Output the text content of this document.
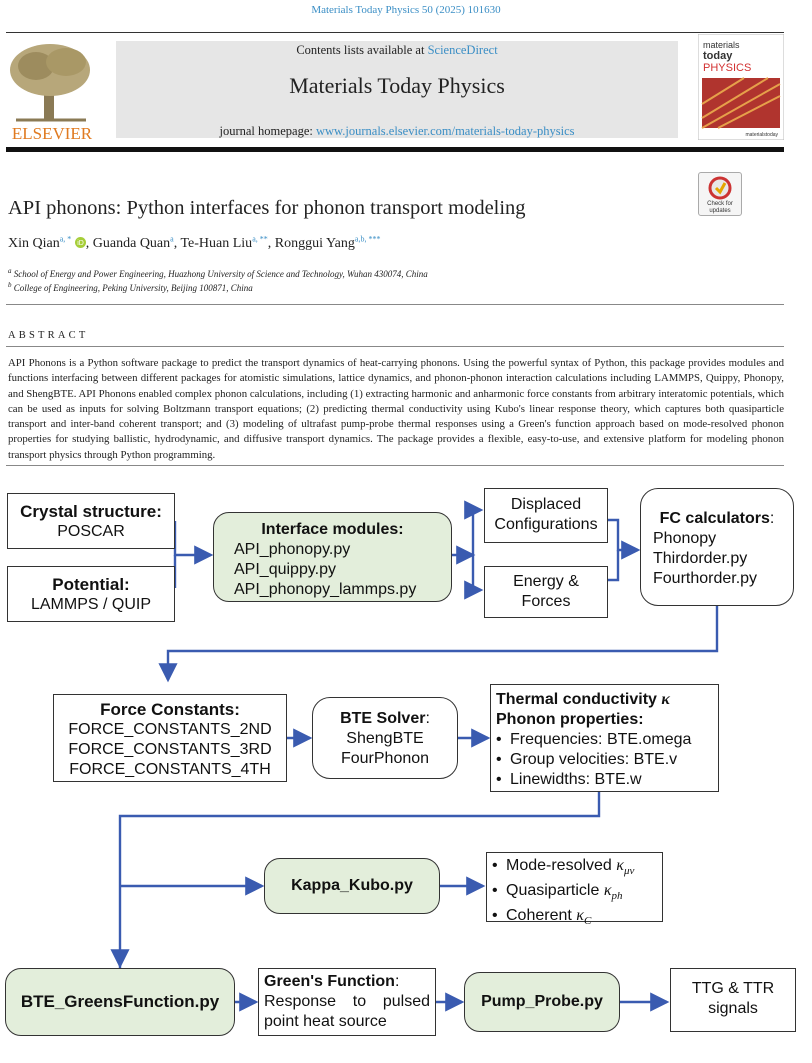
Materials Today Physics 50 (2025) 101630
ELSEVIER
Contents lists available at ScienceDirect
Materials Today Physics
journal homepage: www.journals.elsevier.com/materials-today-physics
materials
today
PHYSICS
materialstoday
Check for
updates
API phonons: Python interfaces for phonon transport modeling
Xin Qian$^{a, *}$
iD , Guanda Quan$^a$, Te-Huan Liu$^{a, **}$, Ronggui Yang$^{a,b, ***}$
$^a$ School of Energy and Power Engineering, Huazhong University of Science and Technology, Wuhan 430074, China
$^b$ College of Engineering, Peking University, Beijing 100871, China
ABSTRACT
API Phonons is a Python software package to predict the transport dynamics of heat-carrying phonons. Using the powerful syntax of Python, this package provides modules and functions interfacing between different packages for atomistic simulations, lattice dynamics, and phonon-phonon interaction calculations including LAMMPS, Quippy, Phonopy, and ShengBTE. API Phonons enabled complex phonon calculations, including (1) extracting harmonic and anharmonic force constants from arbitrary interatomic potentials, which can be used as inputs for solving Boltzmann transport equations; (2) predicting thermal conductivity using Kubo's linear response theory, which captures both quasiparticle transport and inter-band coherent transport; and (3) modeling of ultrafast pump-probe thermal responses using a Green's function approach based on mode-resolved phonon properties for studying ballistic, hydrodynamic, and diffusive transport dynamics. The package provides a flexible, easy-to-use, and extensive platform for modeling phonon transport physics through Python programming.
Crystal structure:
POSCAR
Potential:
LAMMPS / QUIP
Interface modules:
API_phonopy.py
API_quippy.py
API_phonopy_lammps.py
Displaced
Configurations
Energy &
Forces
FC calculators:
Phonopy
Thirdorder.py
Fourthorder.py
Force Constants:
FORCE_CONSTANTS_2ND
FORCE_CONSTANTS_3RD
FORCE_CONSTANTS_4TH
BTE Solver:
ShengBTE
FourPhonon
Thermal conductivity κ
Phonon properties:
• Frequencies: BTE.omega
• Group velocities: BTE.v
• Linewidths: BTE.w
Kappa_Kubo.py
• Mode-resolved $\kappa_{\mu\nu}$
• Quasiparticle $\kappa_{ph}$
• Coherent $\kappa_C$
BTE_GreensFunction.py
Green's Function:
Response to pulsed
point heat source
Pump_Probe.py
TTG & TTR
signals
